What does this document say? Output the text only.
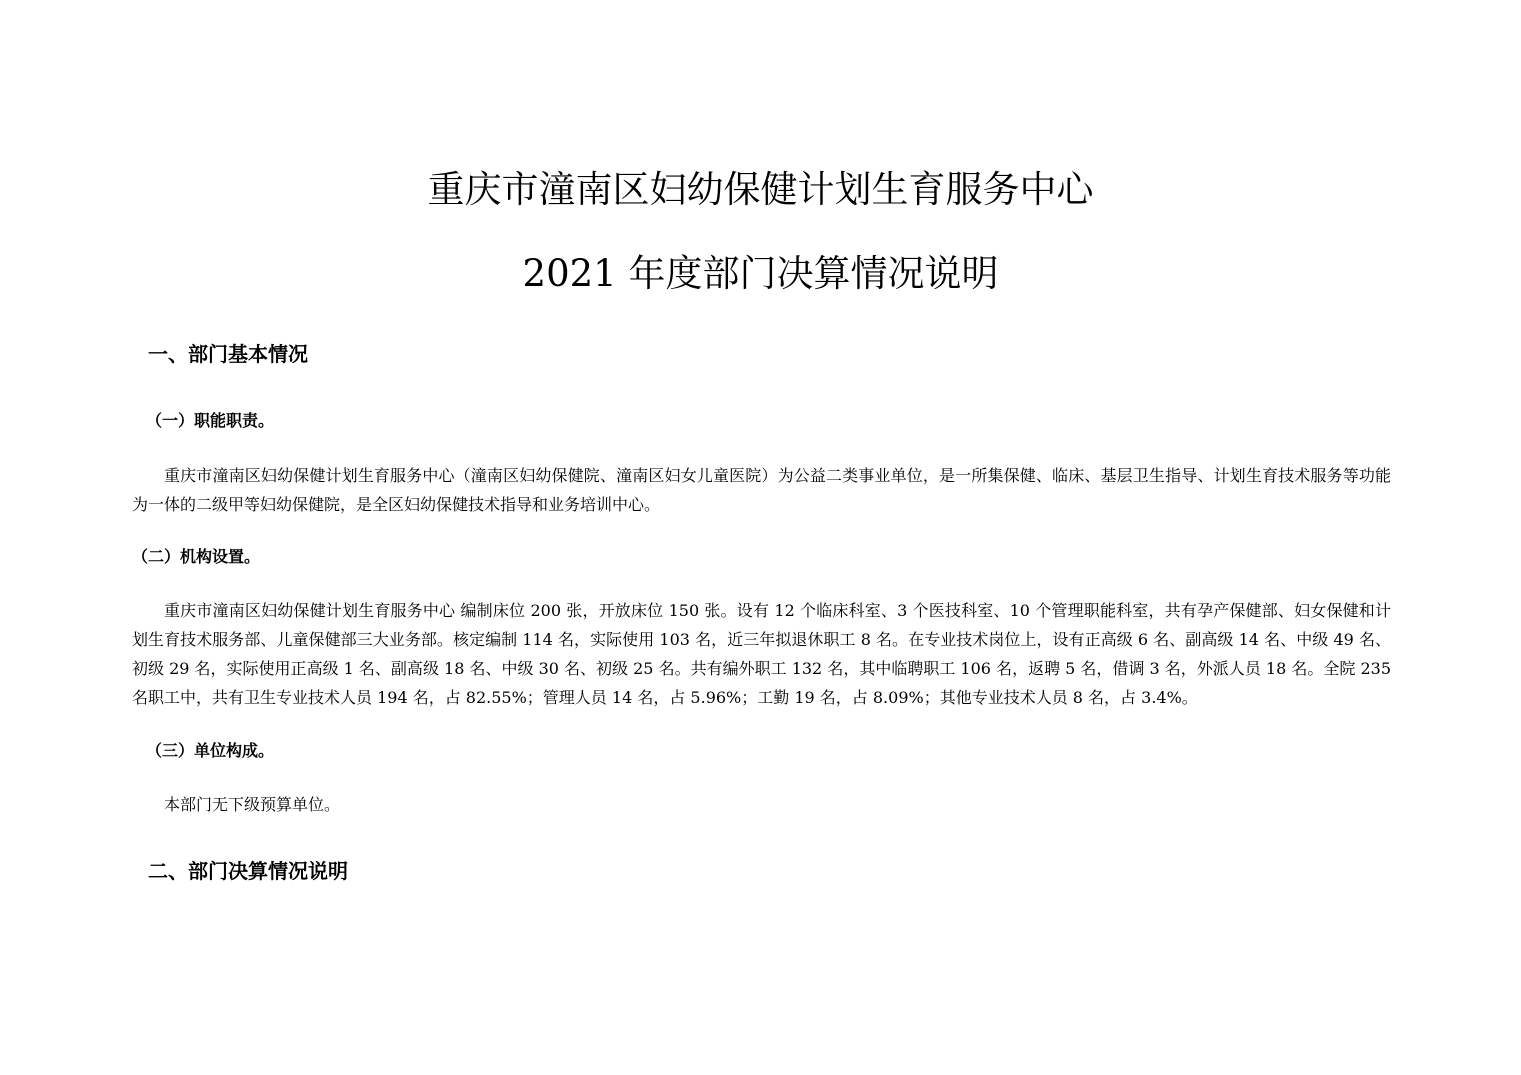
重庆市潼南区妇幼保健计划生育服务中心
2021 年度部门决算情况说明
一、部门基本情况
（一）职能职责。
重庆市潼南区妇幼保健计划生育服务中心（潼南区妇幼保健院、潼南区妇女儿童医院）为公益二类事业单位，是一所集保健、临床、基层卫生指导、计划生育技术服务等功能为一体的二级甲等妇幼保健院，是全区妇幼保健技术指导和业务培训中心。
（二）机构设置。
重庆市潼南区妇幼保健计划生育服务中心 编制床位 200 张，开放床位 150 张。设有 12 个临床科室、3 个医技科室、10 个管理职能科室，共有孕产保健部、妇女保健和计划生育技术服务部、儿童保健部三大业务部。核定编制 114 名，实际使用 103 名，近三年拟退休职工 8 名。在专业技术岗位上，设有正高级 6 名、副高级 14 名、中级 49 名、初级 29 名，实际使用正高级 1 名、副高级 18 名、中级 30 名、初级 25 名。共有编外职工 132 名，其中临聘职工 106 名，返聘 5 名，借调 3 名，外派人员 18 名。全院 235 名职工中，共有卫生专业技术人员 194 名，占 82.55%；管理人员 14 名，占 5.96%；工勤 19 名，占 8.09%；其他专业技术人员 8 名，占 3.4%。
（三）单位构成。
本部门无下级预算单位。
二、部门决算情况说明
